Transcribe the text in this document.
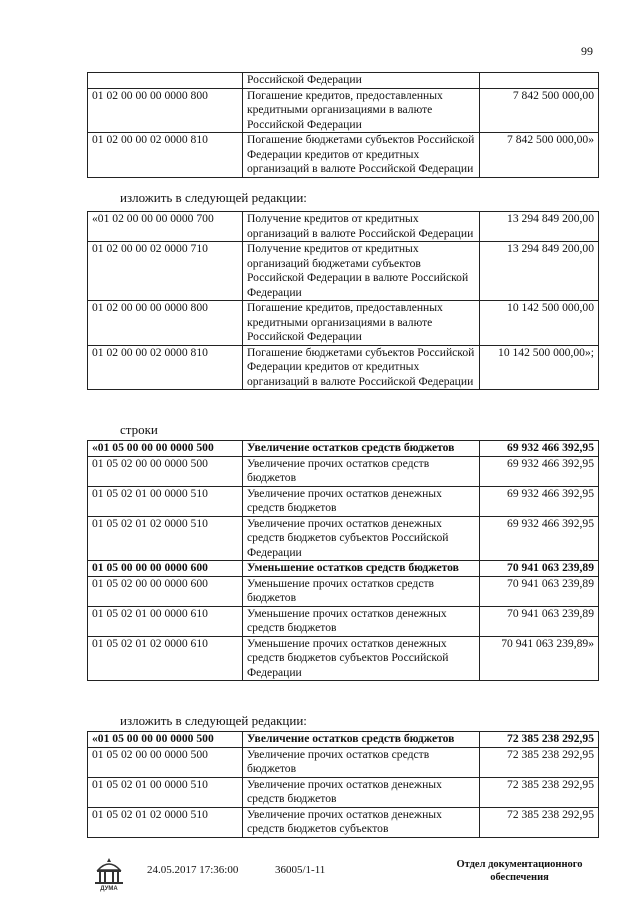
99
	Российской Федерации	
01 02 00 00 00 0000 800	Погашение кредитов, предоставленных кредитными организациями в валюте Российской Федерации	7 842 500 000,00
01 02 00 00 02 0000 810	Погашение бюджетами субъектов Российской Федерации кредитов от кредитных организаций в валюте Российской Федерации	7 842 500 000,00»
изложить в следующей редакции:
«01 02 00 00 00 0000 700	Получение кредитов от кредитных организаций в валюте Российской Федерации	13 294 849 200,00
01 02 00 00 02 0000 710	Получение кредитов от кредитных организаций бюджетами субъектов Российской Федерации в валюте Российской Федерации	13 294 849 200,00
01 02 00 00 00 0000 800	Погашение кредитов, предоставленных кредитными организациями в валюте Российской Федерации	10 142 500 000,00
01 02 00 00 02 0000 810	Погашение бюджетами субъектов Российской Федерации кредитов от кредитных организаций в валюте Российской Федерации	10 142 500 000,00»;
строки
«01 05 00 00 00 0000 500	Увеличение остатков средств бюджетов	69 932 466 392,95
01 05 02 00 00 0000 500	Увеличение прочих остатков средств бюджетов	69 932 466 392,95
01 05 02 01 00 0000 510	Увеличение прочих остатков денежных средств бюджетов	69 932 466 392,95
01 05 02 01 02 0000 510	Увеличение прочих остатков денежных средств бюджетов субъектов Российской Федерации	69 932 466 392,95
01 05 00 00 00 0000 600	Уменьшение остатков средств бюджетов	70 941 063 239,89
01 05 02 00 00 0000 600	Уменьшение прочих остатков средств бюджетов	70 941 063 239,89
01 05 02 01 00 0000 610	Уменьшение прочих остатков денежных средств бюджетов	70 941 063 239,89
01 05 02 01 02 0000 610	Уменьшение прочих остатков денежных средств бюджетов субъектов Российской Федерации	70 941 063 239,89»
изложить в следующей редакции:
«01 05 00 00 00 0000 500	Увеличение остатков средств бюджетов	72 385 238 292,95
01 05 02 00 00 0000 500	Увеличение прочих остатков средств бюджетов	72 385 238 292,95
01 05 02 01 00 0000 510	Увеличение прочих остатков денежных средств бюджетов	72 385 238 292,95
01 05 02 01 02 0000 510	Увеличение прочих остатков денежных средств бюджетов субъектов	72 385 238 292,95
ДУМА
24.05.2017 17:36:00	36005/1-11	Отдел документационного обеспечения
